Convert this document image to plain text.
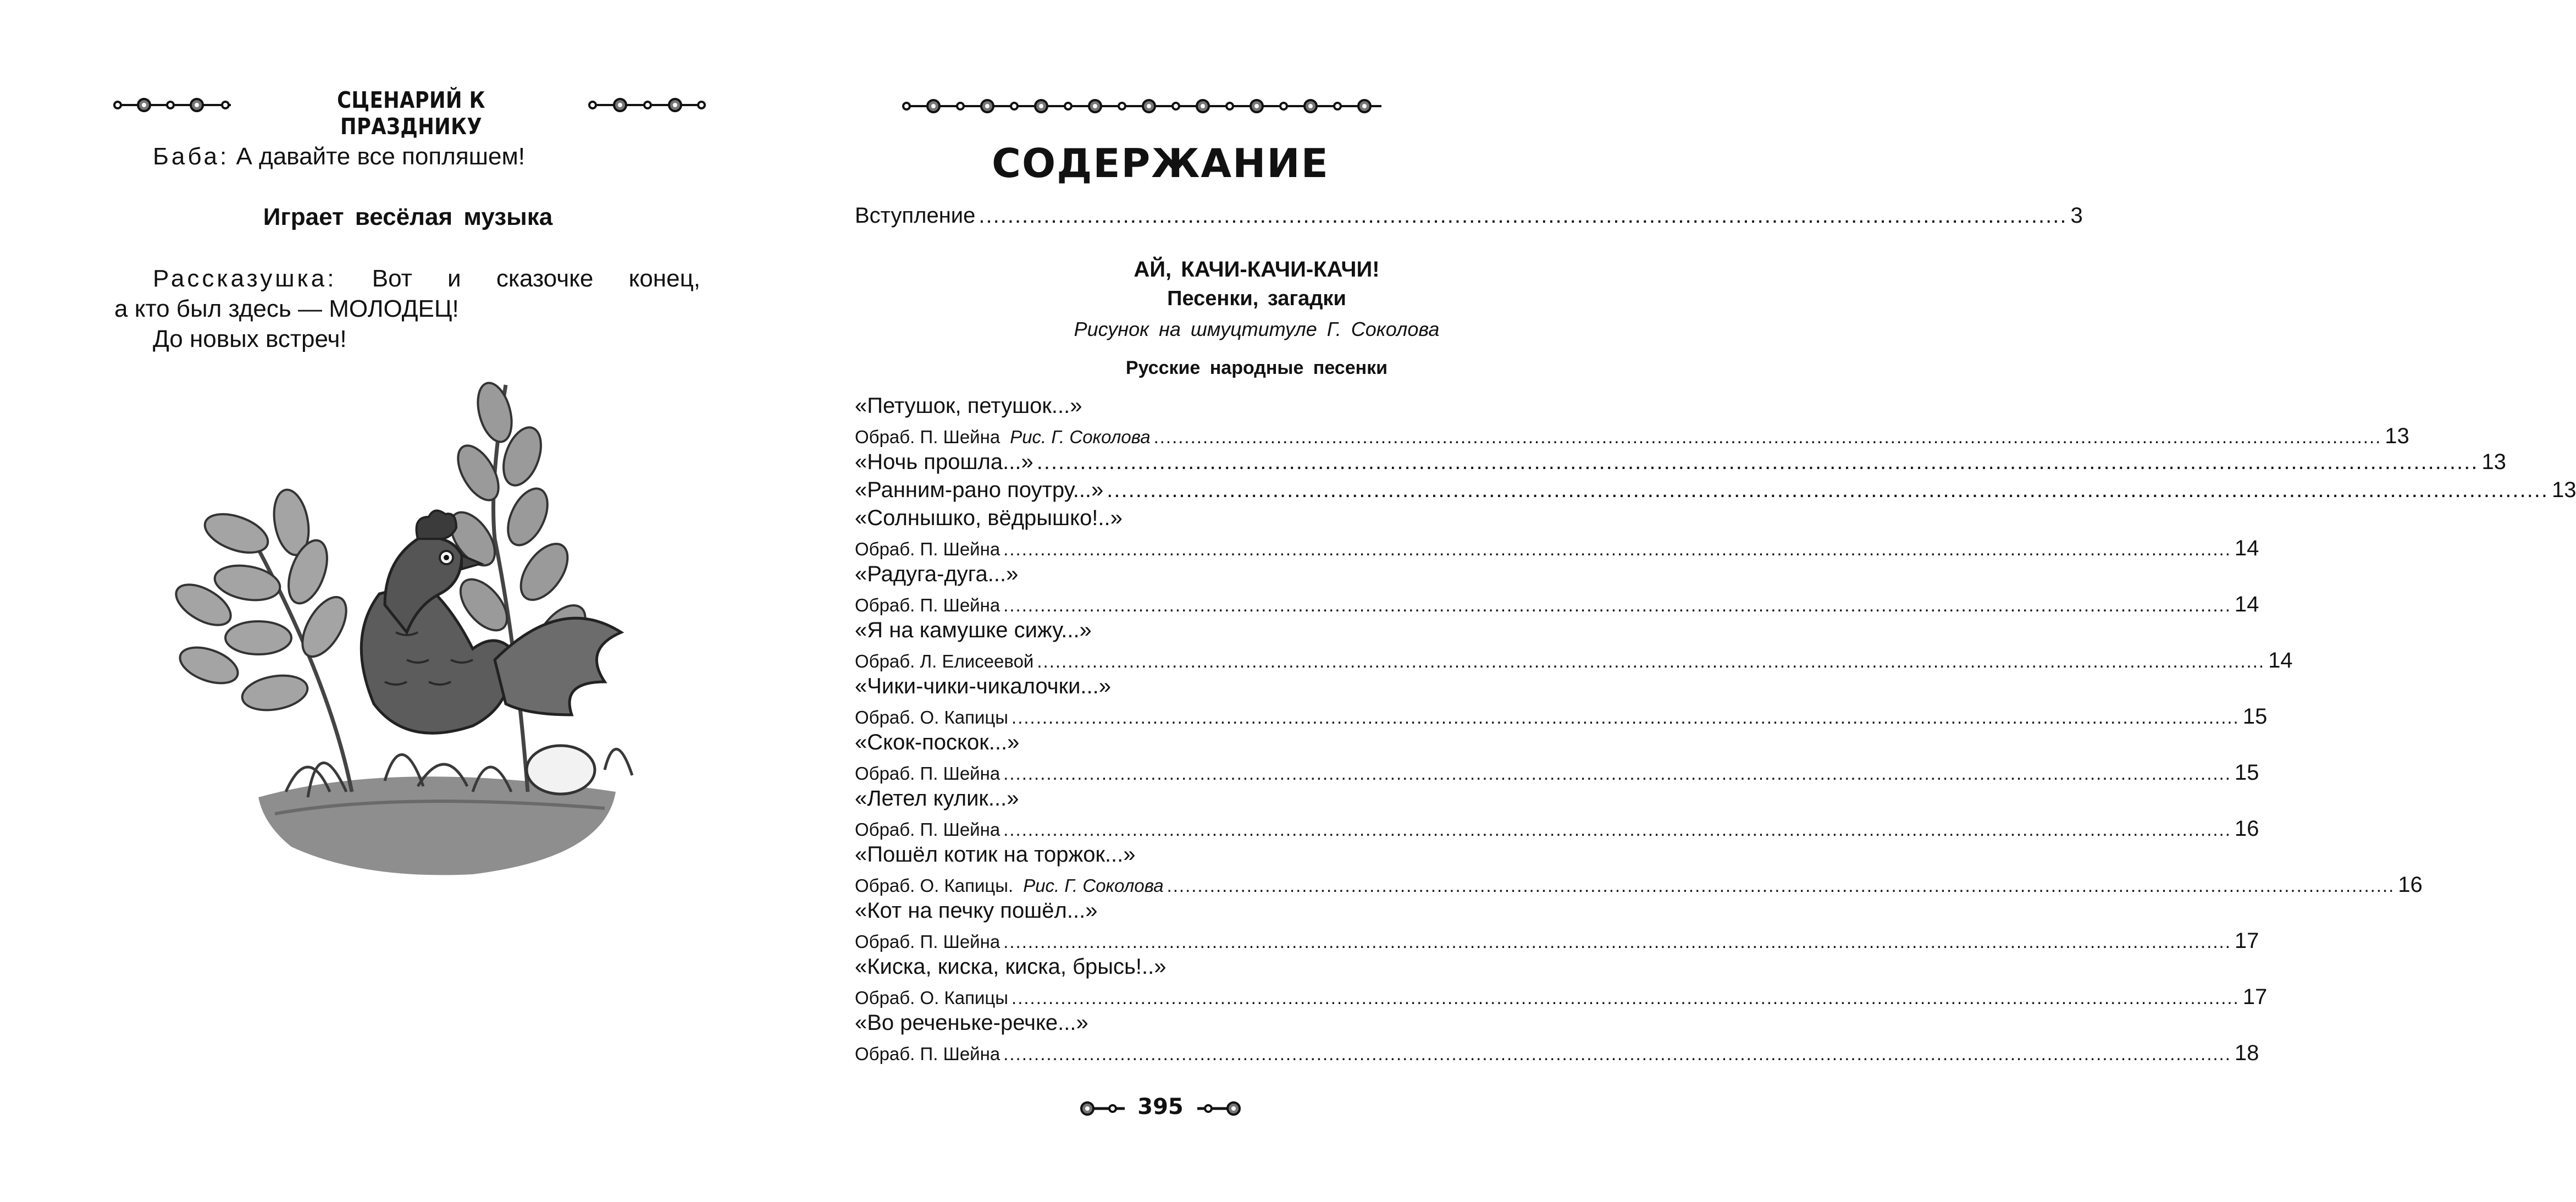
СЦЕНАРИЙ К ПРАЗДНИКУ
Баба: А давайте все попляшем!
Играет весёлая музыка
Рассказушка: Вот и сказочке конец,
а кто был здесь — МОЛОДЕЦ!
До новых встреч!
СОДЕРЖАНИЕ
Вступление ....................................................................................................................................................... 3
АЙ, КАЧИ-КАЧИ-КАЧИ!
Песенки, загадки
Рисунок на шмуцтитуле Г. Соколова
Русские народные песенки
«Петушок, петушок...»
Обраб. П. Шейна Рис. Г. Соколова ........................................................................................................................................................................................................ 13
«Ночь прошла...» ........................................................................................................................................................................................................ 13
«Ранним-рано поутру...» ........................................................................................................................................................................................................ 13
«Солнышко, вёдрышко!..»
Обраб. П. Шейна ........................................................................................................................................................................................................ 14
«Радуга-дуга...»
Обраб. П. Шейна ........................................................................................................................................................................................................ 14
«Я на камушке сижу...»
Обраб. Л. Елисеевой ........................................................................................................................................................................................................ 14
«Чики-чики-чикалочки...»
Обраб. О. Капицы ........................................................................................................................................................................................................ 15
«Скок-поскок...»
Обраб. П. Шейна ........................................................................................................................................................................................................ 15
«Летел кулик...»
Обраб. П. Шейна ........................................................................................................................................................................................................ 16
«Пошёл котик на торжок...»
Обраб. О. Капицы. Рис. Г. Соколова ........................................................................................................................................................................................................ 16
«Кот на печку пошёл...»
Обраб. П. Шейна ........................................................................................................................................................................................................ 17
«Киска, киска, киска, брысь!..»
Обраб. О. Капицы ........................................................................................................................................................................................................ 17
«Во реченьке-речке...»
Обраб. П. Шейна ........................................................................................................................................................................................................ 18
395
